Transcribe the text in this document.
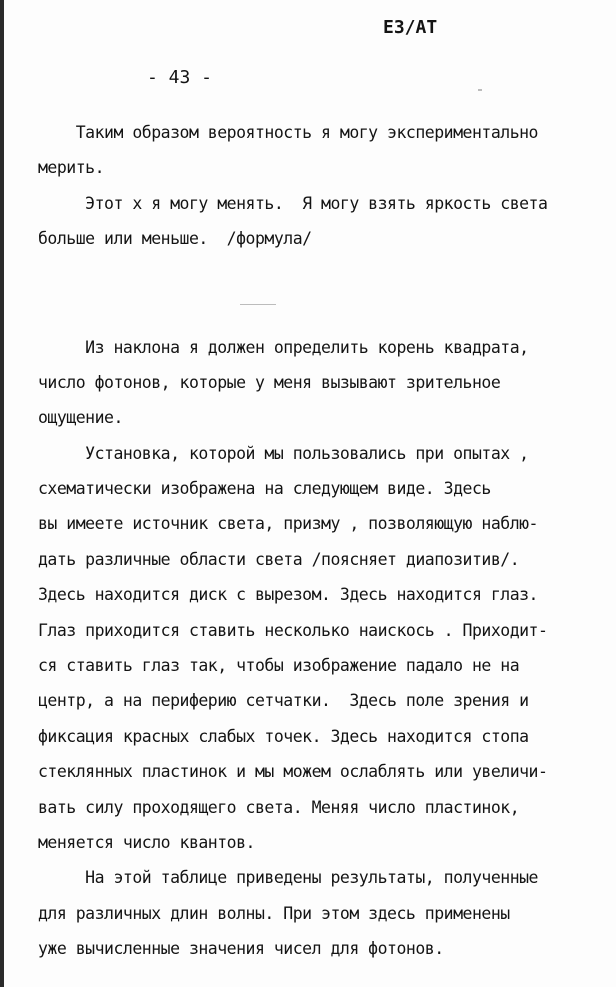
ЕЗ/АТ

- 43 -

Таким образом вероятность я могу экспериментально

мерить.

Этот х я могу менять.  Я могу взять яркость света

больше или меньше.  /формула/

Из наклона я должен определить корень квадрата,

число фотонов, которые у меня вызывают зрительное

ощущение.

Установка, которой мы пользовались при опытах ,

схематически изображена на следующем виде. Здесь

вы имеете источник света, призму , позволяющую наблю-

дать различные области света /поясняет диапозитив/.

Здесь находится диск с вырезом. Здесь находится глаз.

Глаз приходится ставить несколько наискось . Приходит-

ся ставить глаз так, чтобы изображение падало не на

центр, а на периферию сетчатки.  Здесь поле зрения и

фиксация красных слабых точек. Здесь находится стопа

стеклянных пластинок и мы можем ослаблять или увеличи-

вать силу проходящего света. Меняя число пластинок,

меняется число квантов.

На этой таблице приведены результаты, полученные

для различных длин волны. При этом здесь применены

уже вычисленные значения чисел для фотонов.
